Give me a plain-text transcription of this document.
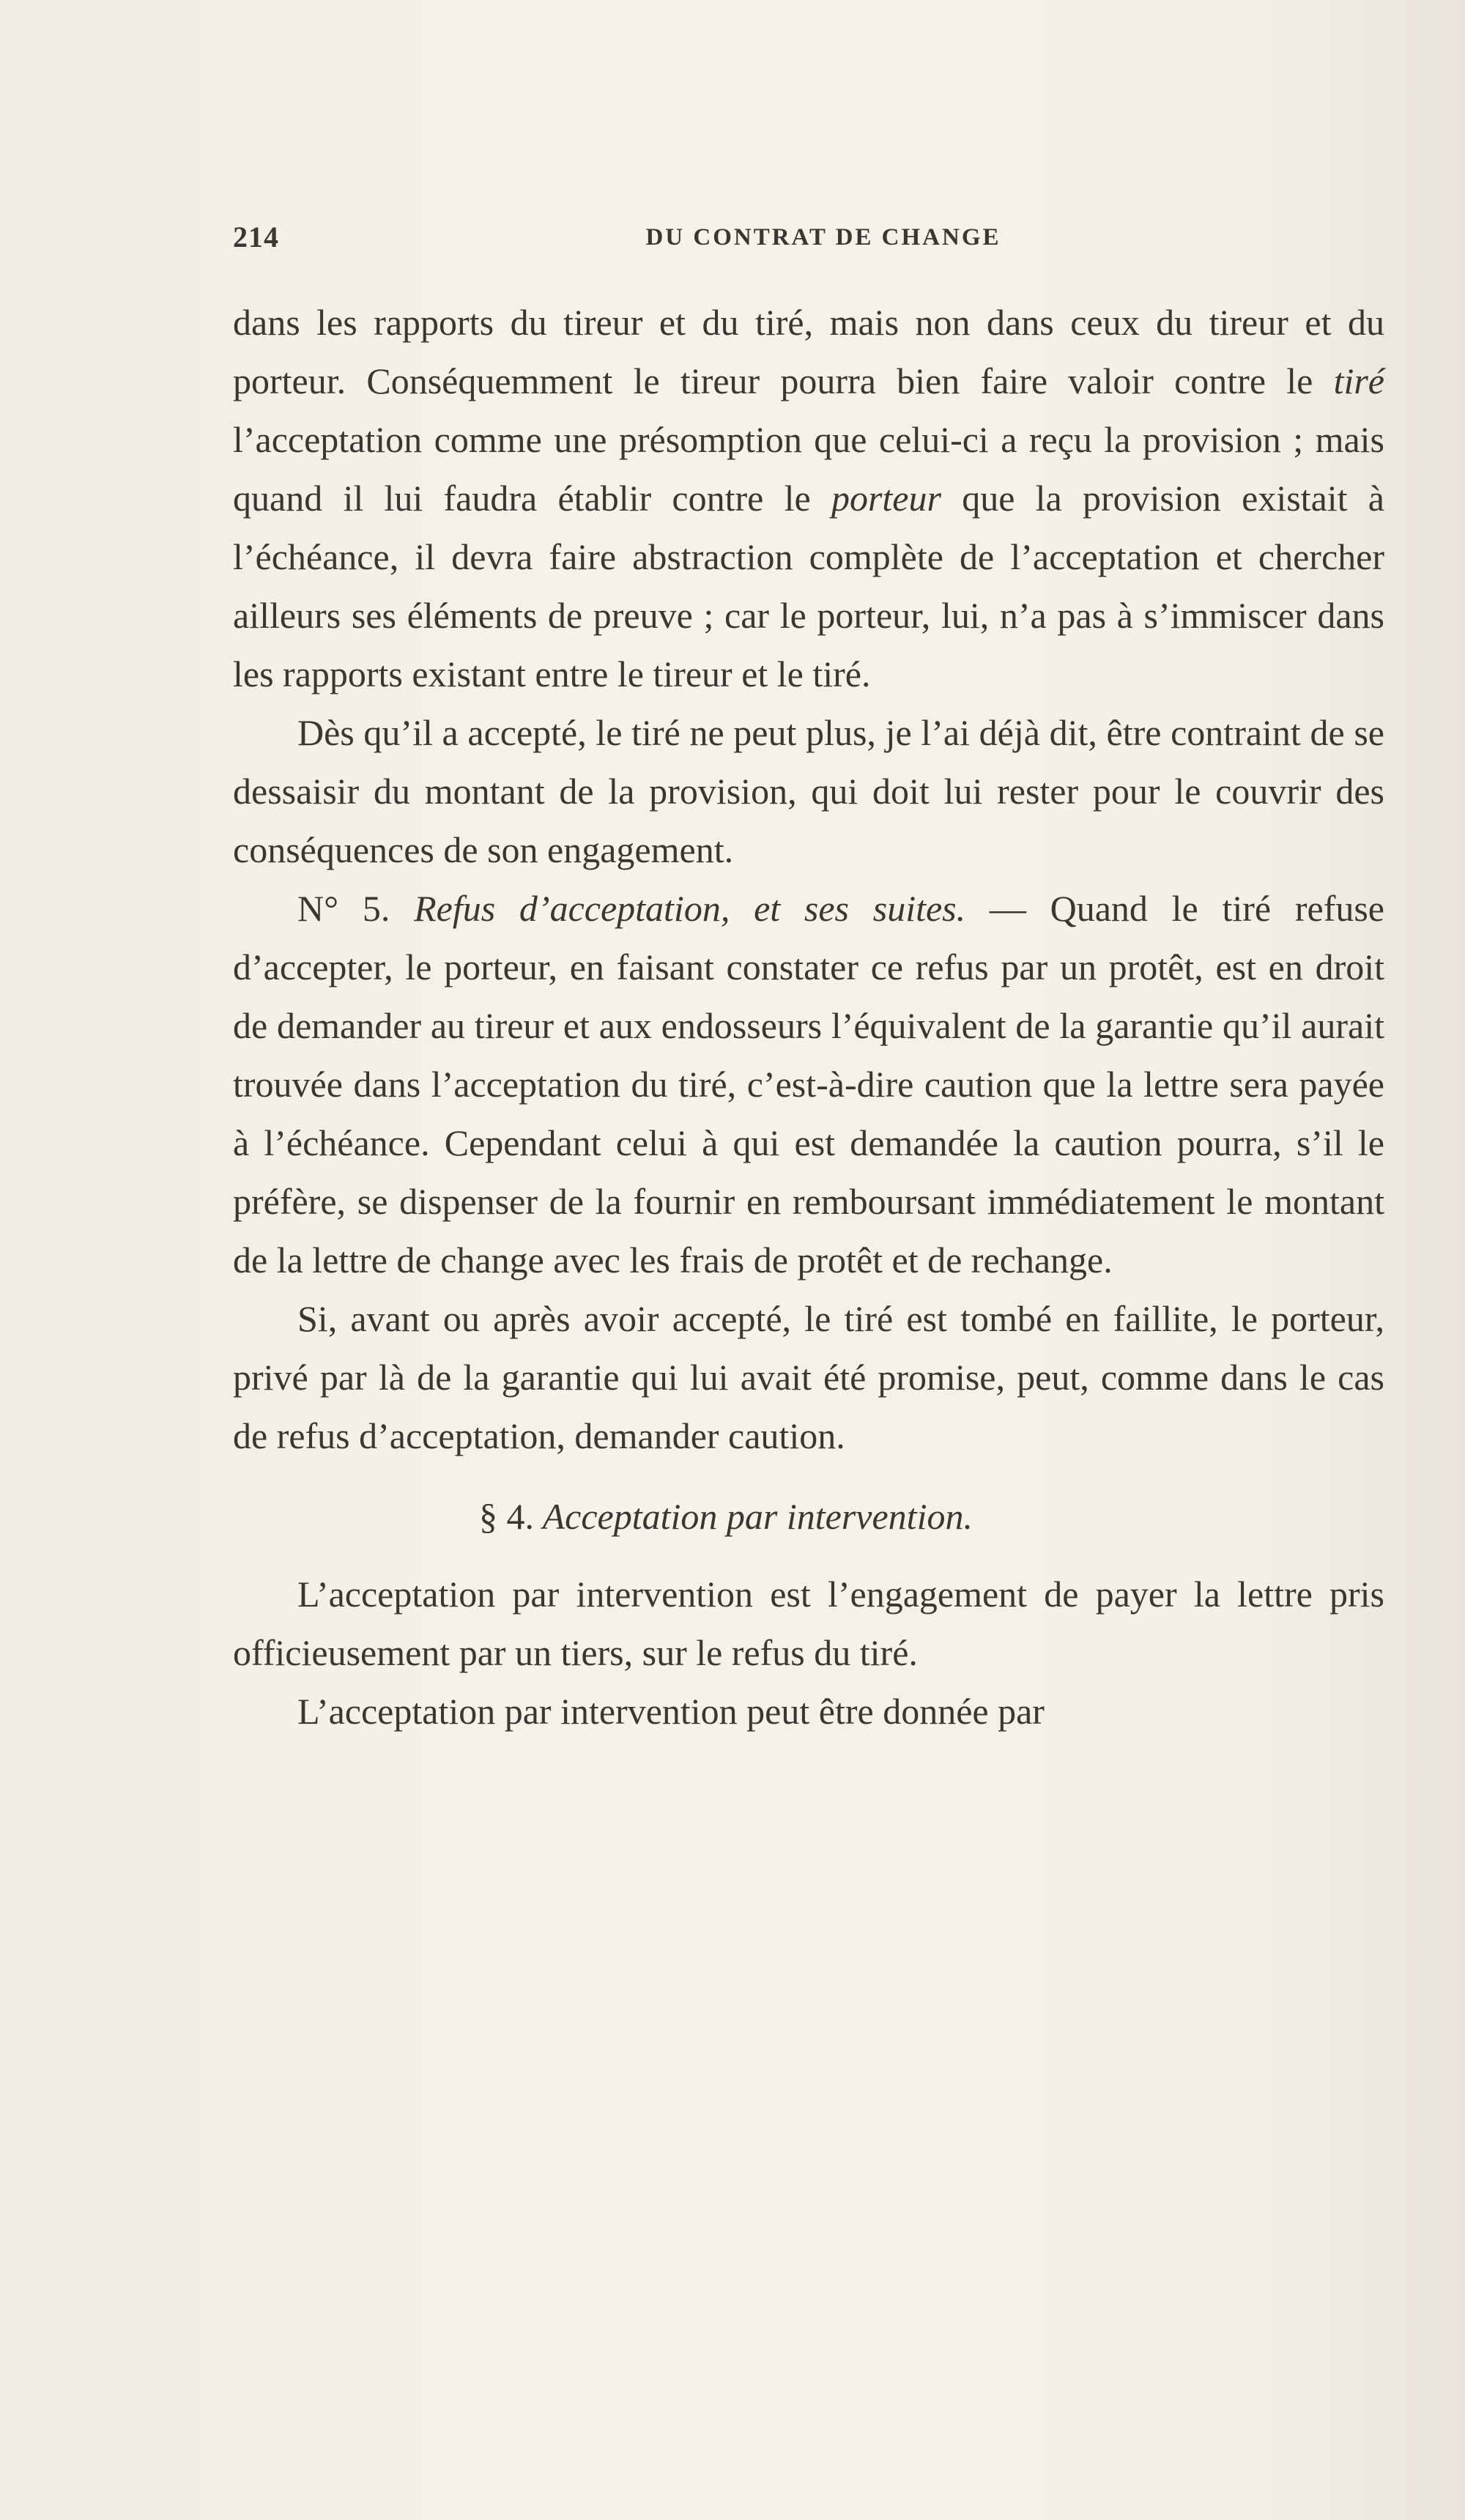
214	DU CONTRAT DE CHANGE

dans les rapports du tireur et du tiré, mais non dans ceux du tireur et du porteur. Conséquemment le tireur pourra bien faire valoir contre le tiré l’acceptation comme une présomption que celui-ci a reçu la provision ; mais quand il lui faudra établir contre le porteur que la provision existait à l’échéance, il devra faire abstraction complète de l’acceptation et chercher ailleurs ses éléments de preuve ; car le porteur, lui, n’a pas à s’immiscer dans les rapports existant entre le tireur et le tiré.

Dès qu’il a accepté, le tiré ne peut plus, je l’ai déjà dit, être contraint de se dessaisir du montant de la provision, qui doit lui rester pour le couvrir des conséquences de son engagement.

N° 5. Refus d’acceptation, et ses suites. — Quand le tiré refuse d’accepter, le porteur, en faisant constater ce refus par un protêt, est en droit de demander au tireur et aux endosseurs l’équivalent de la garantie qu’il aurait trouvée dans l’acceptation du tiré, c’est-à-dire caution que la lettre sera payée à l’échéance. Cependant celui à qui est demandée la caution pourra, s’il le préfère, se dispenser de la fournir en remboursant immédiatement le montant de la lettre de change avec les frais de protêt et de rechange.

Si, avant ou après avoir accepté, le tiré est tombé en faillite, le porteur, privé par là de la garantie qui lui avait été promise, peut, comme dans le cas de refus d’acceptation, demander caution.

§ 4. Acceptation par intervention.

L’acceptation par intervention est l’engagement de payer la lettre pris officieusement par un tiers, sur le refus du tiré.

L’acceptation par intervention peut être donnée par
